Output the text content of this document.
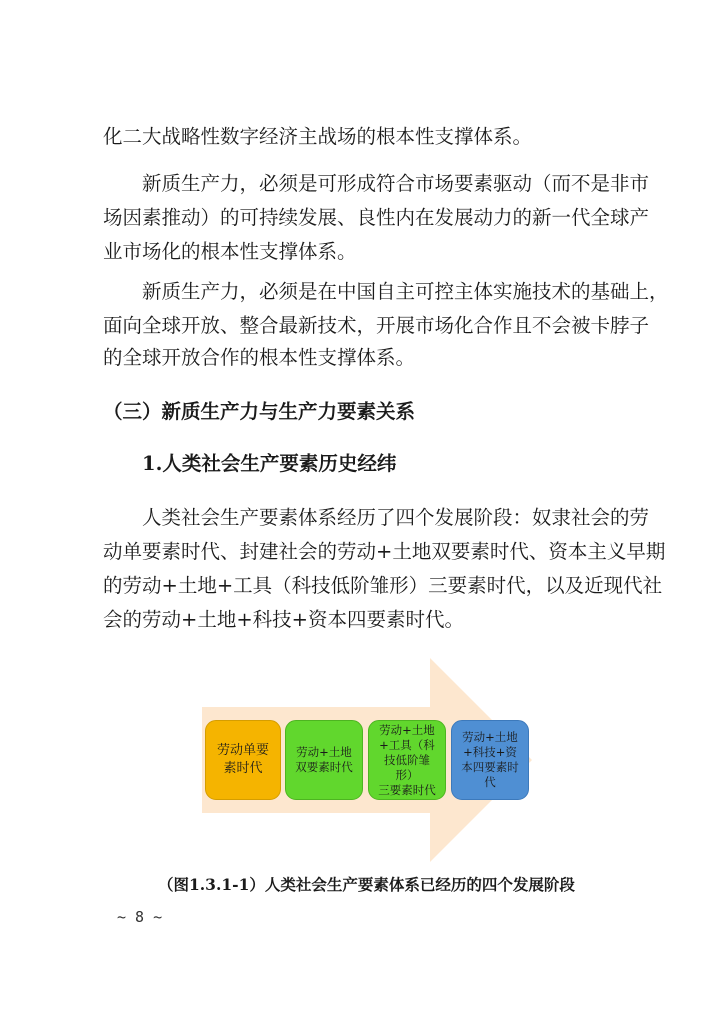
化二大战略性数字经济主战场的根本性支撑体系。

新质生产力，必须是可形成符合市场要素驱动（而不是非市

场因素推动）的可持续发展、良性内在发展动力的新一代全球产

业市场化的根本性支撑体系。

新质生产力，必须是在中国自主可控主体实施技术的基础上，

面向全球开放、整合最新技术，开展市场化合作且不会被卡脖子

的全球开放合作的根本性支撑体系。

（三）新质生产力与生产力要素关系

1.人类社会生产要素历史经纬

人类社会生产要素体系经历了四个发展阶段：奴隶社会的劳

动单要素时代、封建社会的劳动+土地双要素时代、资本主义早期

的劳动+土地+工具（科技低阶雏形）三要素时代，以及近现代社

会的劳动+土地+科技+资本四要素时代。

劳动单要
素时代
劳动+土地
双要素时代
劳动+土地
+工具（科
技低阶雏形）
三要素时代
劳动+土地
+科技+资
本四要素时
代
（图1.3.1-1）人类社会生产要素体系已经历的四个发展阶段
~ 8 ~
